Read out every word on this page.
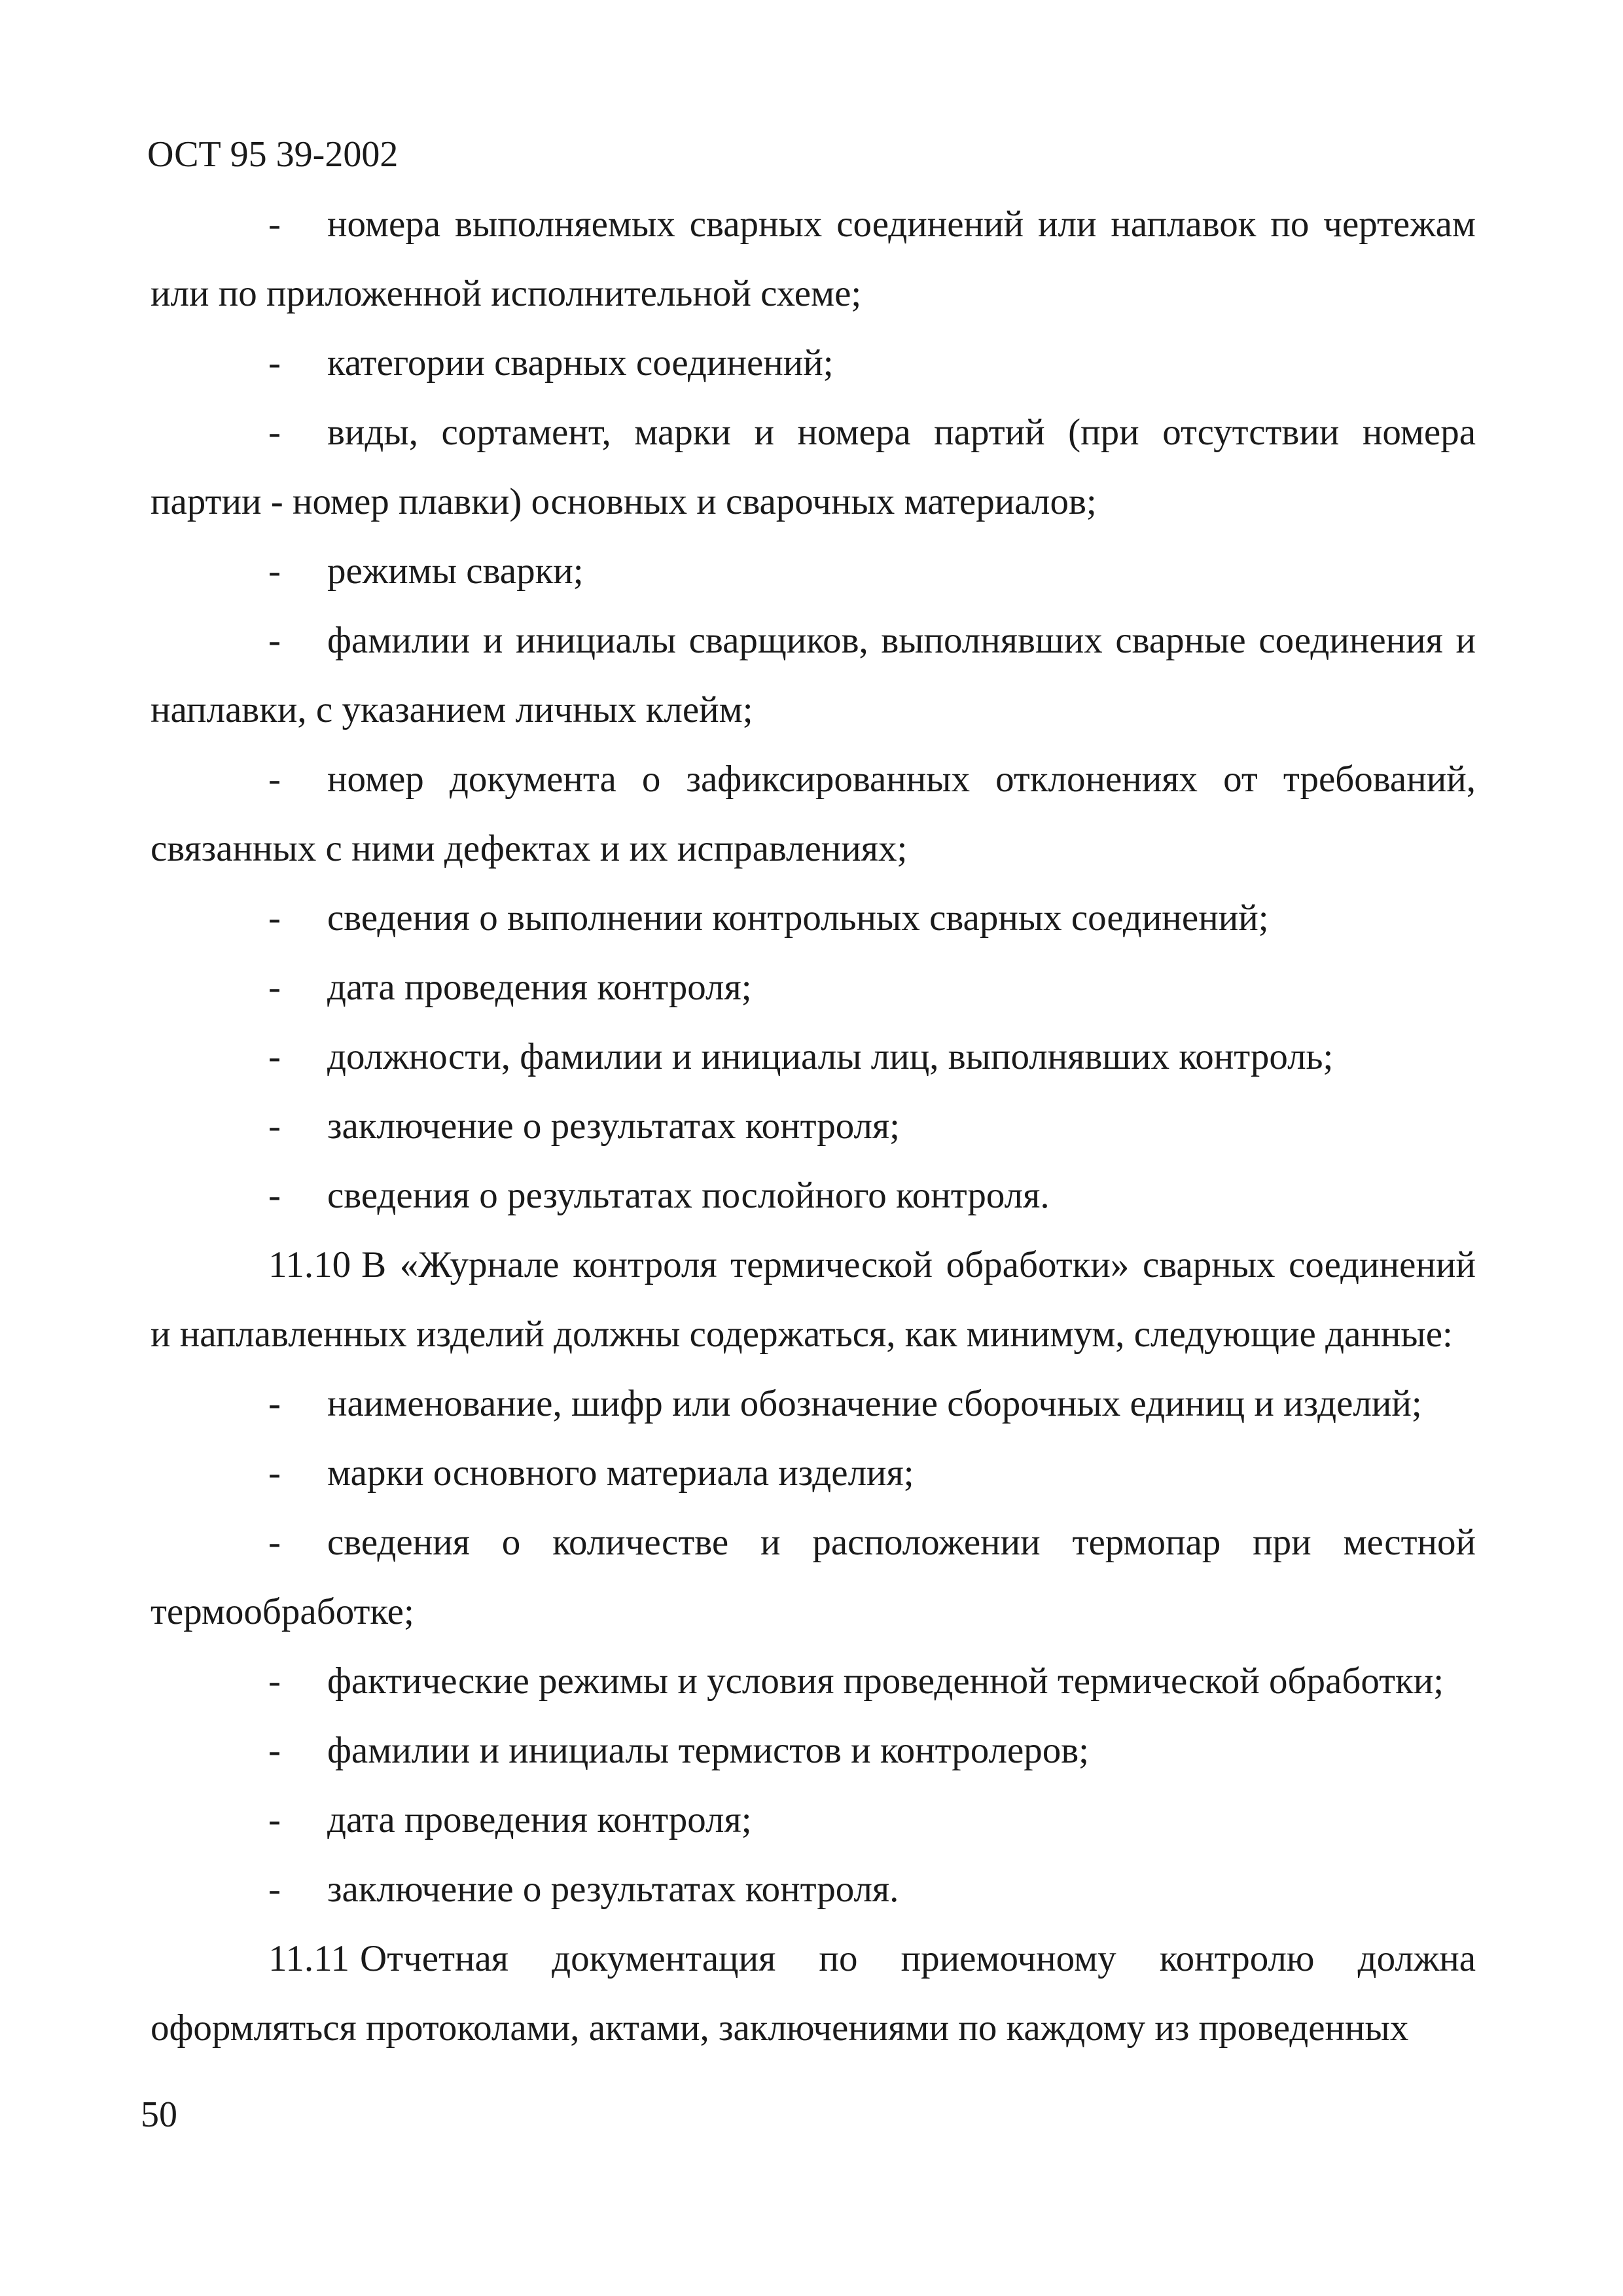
ОСТ 95 39-2002

- номера выполняемых сварных соединений или наплавок по чертежам или по приложенной исполнительной схеме;

- категории сварных соединений;

- виды, сортамент, марки и номера партий (при отсутствии номера партии - номер плавки) основных и сварочных материалов;

- режимы сварки;

- фамилии и инициалы сварщиков, выполнявших сварные соединения и наплавки, с указанием личных клейм;

- номер документа о зафиксированных отклонениях от требований, связанных с ними дефектах и их исправлениях;

- сведения о выполнении контрольных сварных соединений;

- дата проведения контроля;

- должности, фамилии и инициалы лиц, выполнявших контроль;

- заключение о результатах контроля;

- сведения о результатах послойного контроля.

11.10 В «Журнале контроля термической обработки» сварных соединений и наплавленных изделий должны содержаться, как минимум, следующие данные:

- наименование, шифр или обозначение сборочных единиц и изделий;

- марки основного материала изделия;

- сведения о количестве и расположении термопар при местной термообработке;

- фактические режимы и условия проведенной термической обработки;

- фамилии и инициалы термистов и контролеров;

- дата проведения контроля;

- заключение о результатах контроля.

11.11 Отчетная документация по приемочному контролю должна оформляться протоколами, актами, заключениями по каждому из проведенных

50
